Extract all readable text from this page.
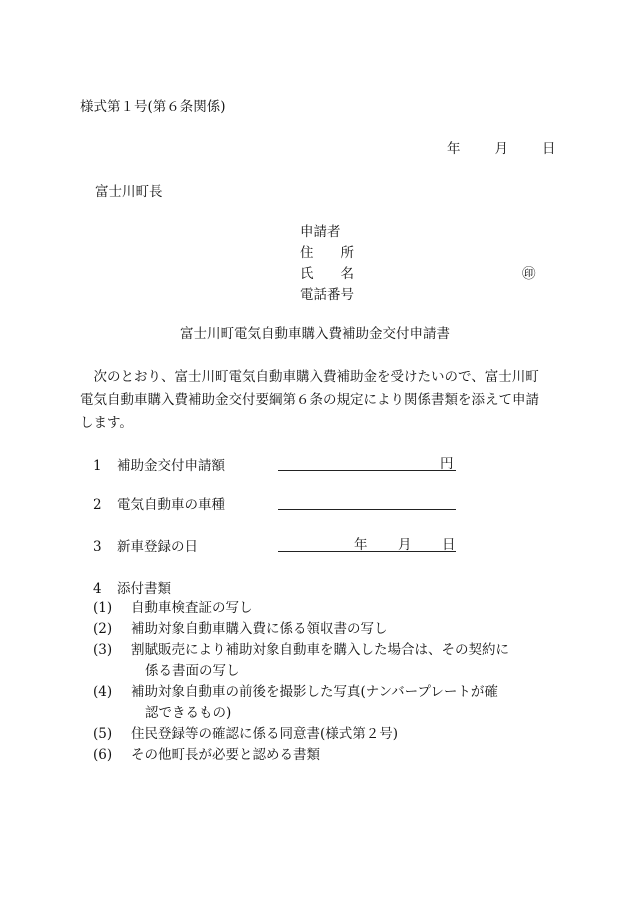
様式第１号(第６条関係)
年	月	日
富士川町長
申請者
住　　所
氏　　名	㊞
電話番号
富士川町電気自動車購入費補助金交付申請書

次のとおり、富士川町電気自動車購入費補助金を受けたいので、富士川町電気自動車購入費補助金交付要綱第６条の規定により関係書類を添えて申請します。

1 補助金交付申請額	円
2 電気自動車の車種
3 新車登録の日	年 月 日
4 添付書類
(1) 自動車検査証の写し
(2) 補助対象自動車購入費に係る領収書の写し
(3) 割賦販売により補助対象自動車を購入した場合は、その契約に
係る書面の写し
(4) 補助対象自動車の前後を撮影した写真(ナンバープレートが確
認できるもの)
(5) 住民登録等の確認に係る同意書(様式第２号)
(6) その他町長が必要と認める書類
